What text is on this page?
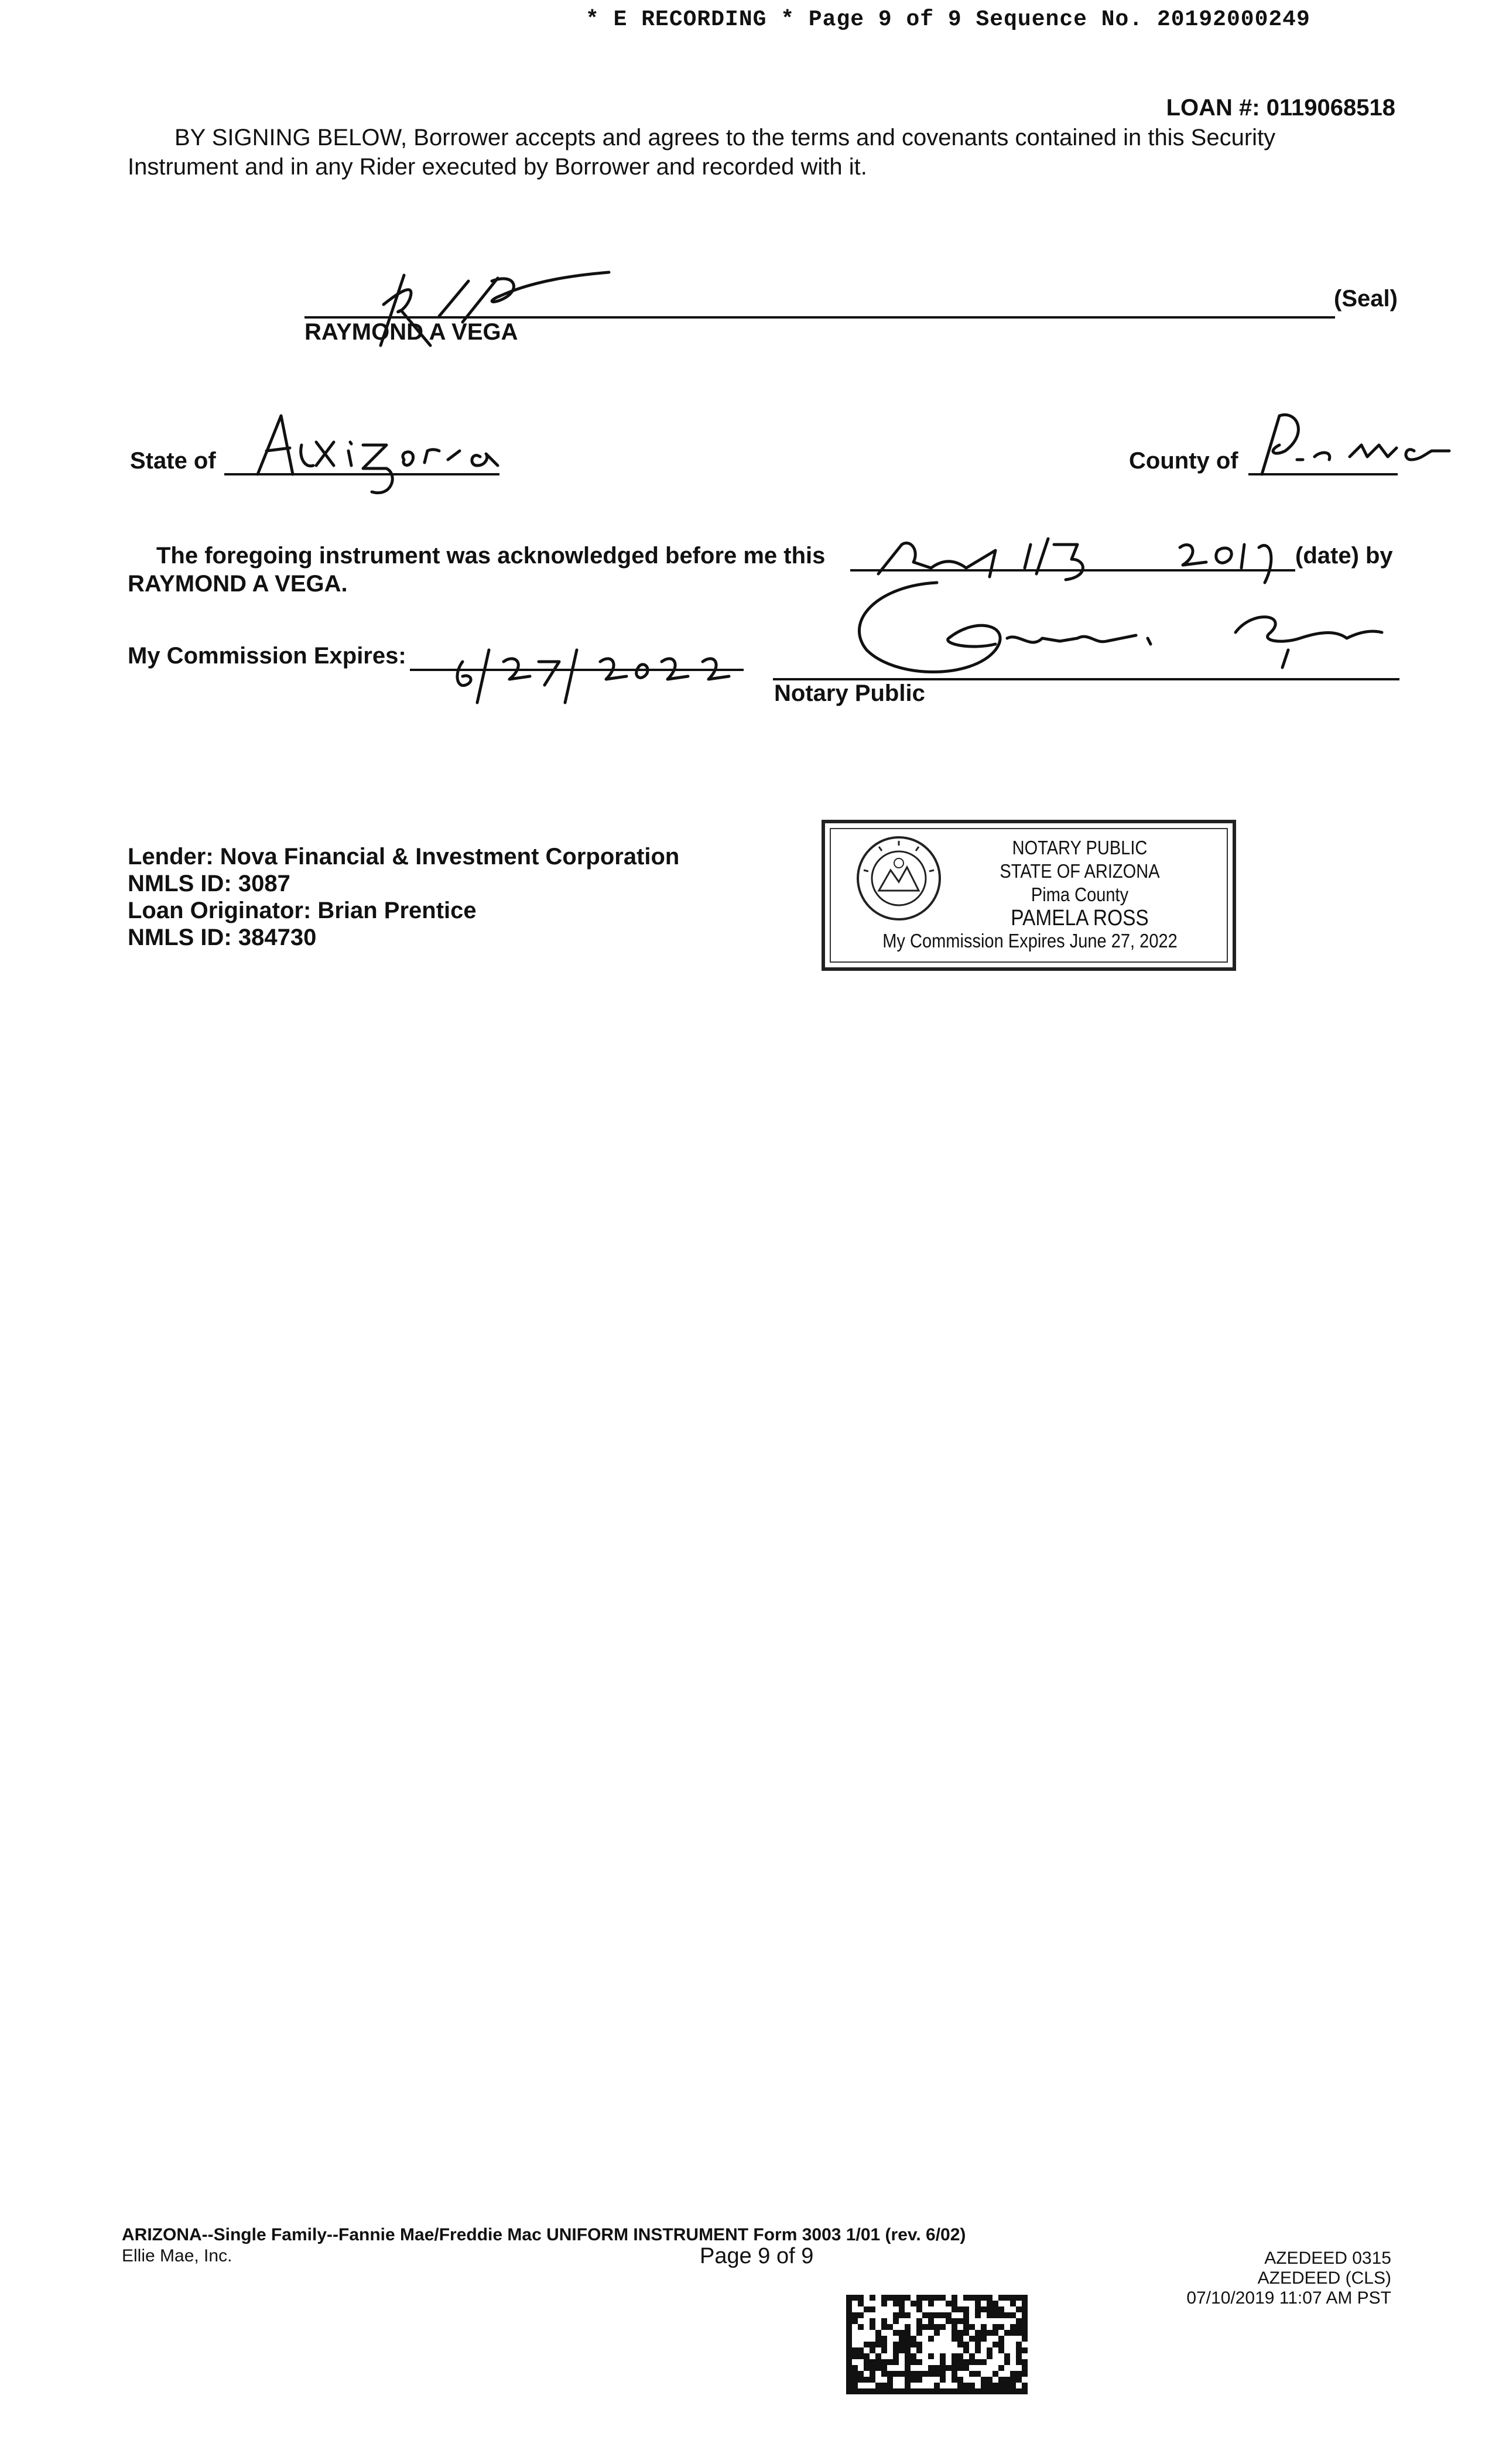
* E RECORDING * Page 9 of 9 Sequence No. 20192000249
LOAN #: 0119068518
BY SIGNING BELOW, Borrower accepts and agrees to the terms and covenants contained in this Security
Instrument and in any Rider executed by Borrower and recorded with it.
(Seal)
RAYMOND A VEGA
State of	County of
The foregoing instrument was acknowledged before me this	(date) by
RAYMOND A VEGA.
My Commission Expires:
Notary Public
Lender: Nova Financial & Investment Corporation
NMLS ID: 3087
Loan Originator: Brian Prentice
NMLS ID: 384730
NOTARY PUBLIC
STATE OF ARIZONA
Pima County
PAMELA ROSS
My Commission Expires June 27, 2022
ARIZONA--Single Family--Fannie Mae/Freddie Mac UNIFORM INSTRUMENT Form 3003 1/01 (rev. 6/02)
Ellie Mae, Inc.	Page 9 of 9	AZEDEED 0315
AZEDEED (CLS)
07/10/2019 11:07 AM PST
